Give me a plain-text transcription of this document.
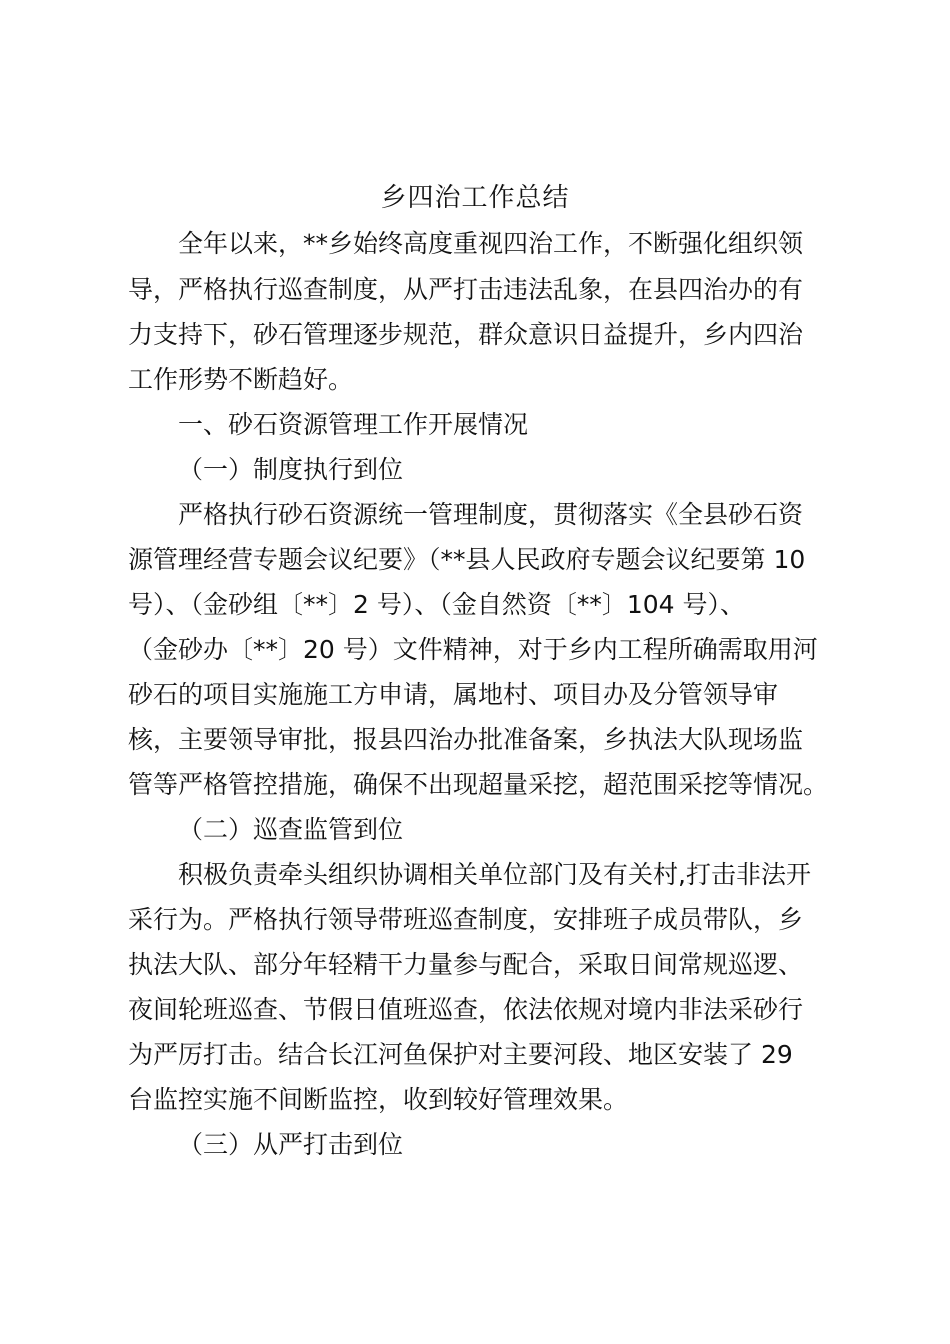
乡四治工作总结
全年以来，**乡始终高度重视四治工作，不断强化组织领
导，严格执行巡查制度，从严打击违法乱象，在县四治办的有
力支持下，砂石管理逐步规范，群众意识日益提升，乡内四治
工作形势不断趋好。
一、砂石资源管理工作开展情况
（一）制度执行到位
严格执行砂石资源统一管理制度，贯彻落实《全县砂石资
源管理经营专题会议纪要》（**县人民政府专题会议纪要第 10
号）、（金砂组〔**〕2 号）、（金自然资〔**〕104 号）、
（金砂办〔**〕20 号）文件精神，对于乡内工程所确需取用河
砂石的项目实施施工方申请，属地村、项目办及分管领导审
核，主要领导审批，报县四治办批准备案，乡执法大队现场监
管等严格管控措施，确保不出现超量采挖，超范围采挖等情况。
（二）巡查监管到位
积极负责牵头组织协调相关单位部门及有关村,打击非法开
采行为。严格执行领导带班巡查制度，安排班子成员带队，乡
执法大队、部分年轻精干力量参与配合，采取日间常规巡逻、
夜间轮班巡查、节假日值班巡查，依法依规对境内非法采砂行
为严厉打击。结合长江河鱼保护对主要河段、地区安装了 29
台监控实施不间断监控，收到较好管理效果。
（三）从严打击到位
